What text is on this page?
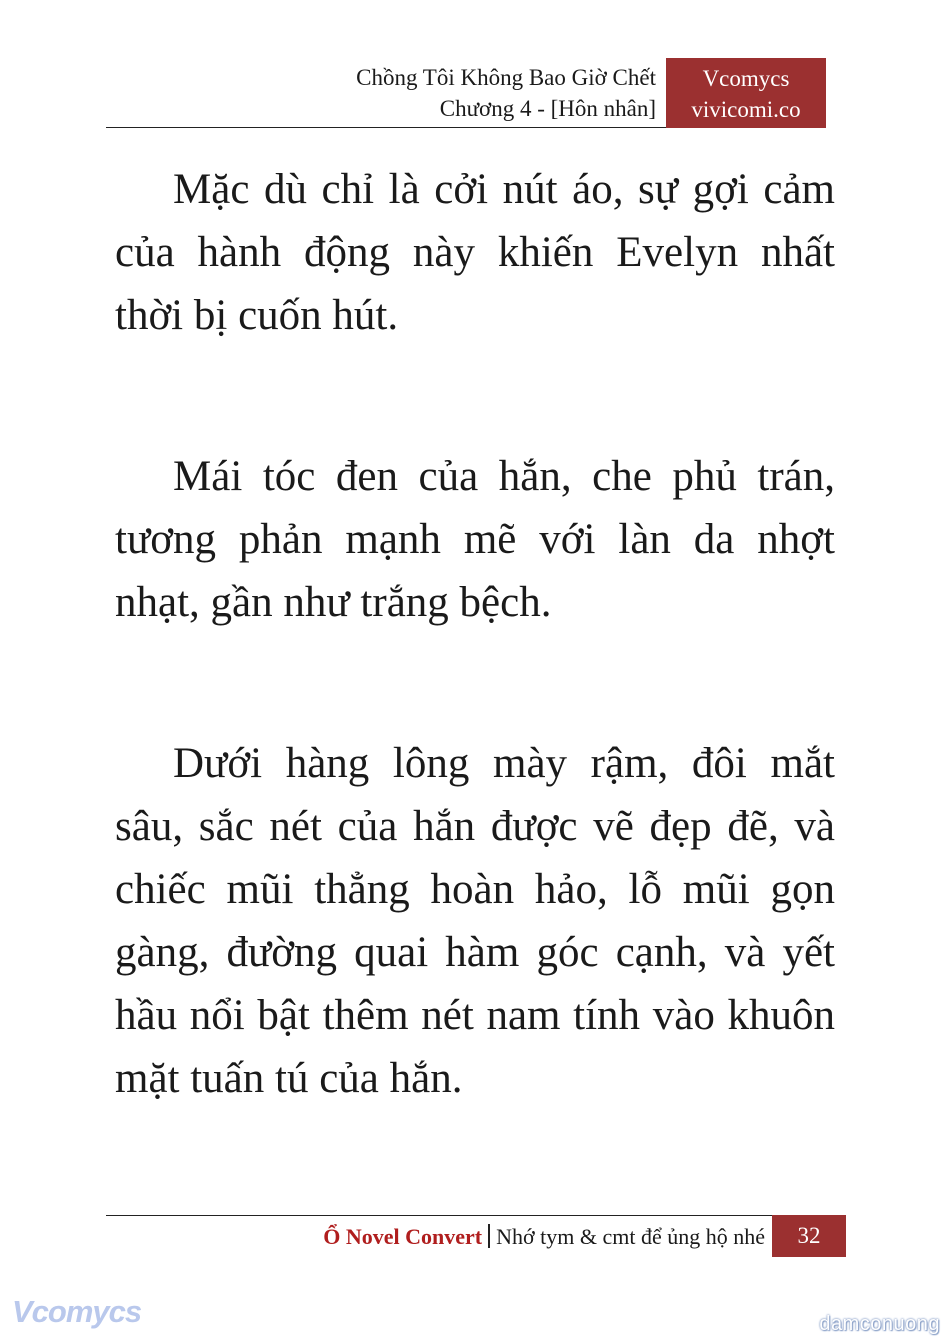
Chồng Tôi Không Bao Giờ Chết
Chương 4 - [Hôn nhân]
Vcomycs
vivicomi.co

Mặc dù chỉ là cởi nút áo, sự gợi cảm của hành động này khiến Evelyn nhất thời bị cuốn hút.

Mái tóc đen của hắn, che phủ trán, tương phản mạnh mẽ với làn da nhợt nhạt, gần như trắng bệch.

Dưới hàng lông mày rậm, đôi mắt sâu, sắc nét của hắn được vẽ đẹp đẽ, và chiếc mũi thẳng hoàn hảo, lỗ mũi gọn gàng, đường quai hàm góc cạnh, và yết hầu nổi bật thêm nét nam tính vào khuôn mặt tuấn tú của hắn.

Ổ Novel Convert Nhớ tym & cmt để ủng hộ nhé	32
Vcomycs	damconuong
